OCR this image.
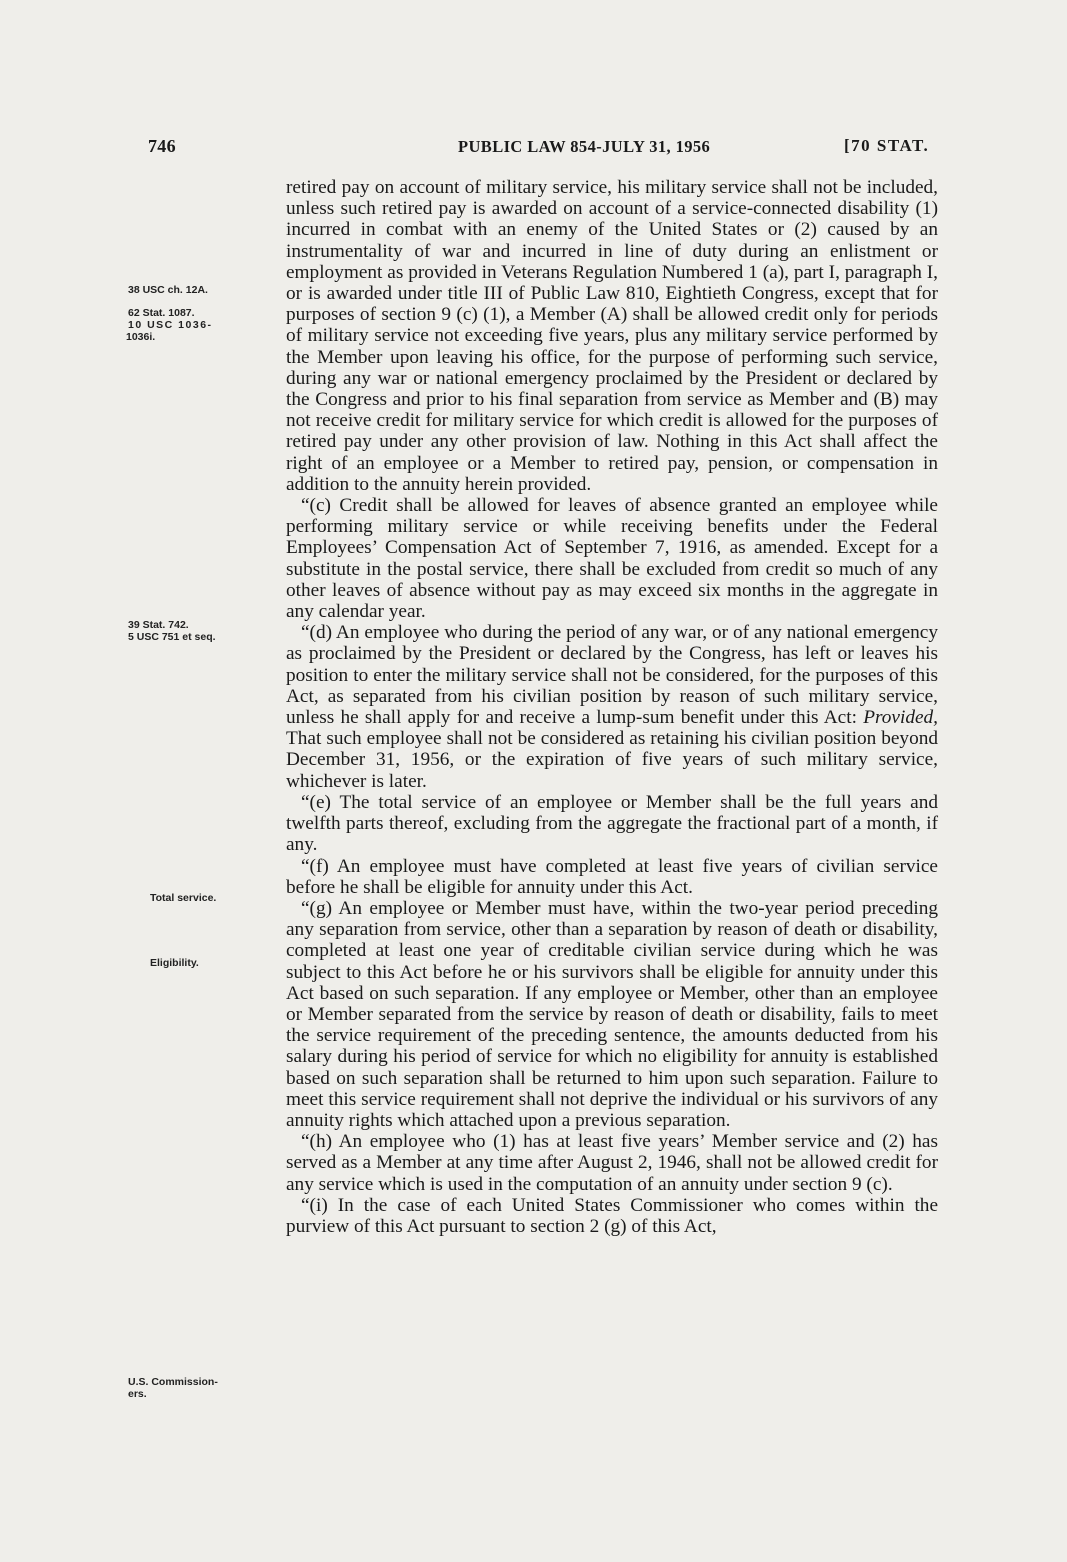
746	PUBLIC LAW 854-JULY 31, 1956	[70 STAT.
38 USC ch. 12A.
62 Stat. 1087.
10 USC 1036-
1036i.
39 Stat. 742.
5 USC 751 et seq.
Total service.
Eligibility.
U.S. Commission-
ers.

retired pay on account of military service, his military service shall not be included, unless such retired pay is awarded on account of a service-connected disability (1) incurred in combat with an enemy of the United States or (2) caused by an instrumentality of war and incurred in line of duty during an enlistment or employment as provided in Veterans Regulation Numbered 1 (a), part I, paragraph I, or is awarded under title III of Public Law 810, Eightieth Congress, except that for purposes of section 9 (c) (1), a Member (A) shall be allowed credit only for periods of military service not exceeding five years, plus any military service performed by the Member upon leaving his office, for the purpose of performing such service, during any war or national emergency proclaimed by the President or declared by the Congress and prior to his final separation from service as Member and (B) may not receive credit for military service for which credit is allowed for the purposes of retired pay under any other provision of law. Nothing in this Act shall affect the right of an employee or a Member to retired pay, pension, or compensation in addition to the annuity herein provided.

“(c) Credit shall be allowed for leaves of absence granted an employee while performing military service or while receiving benefits under the Federal Employees’ Compensation Act of September 7, 1916, as amended. Except for a substitute in the postal service, there shall be excluded from credit so much of any other leaves of absence without pay as may exceed six months in the aggregate in any calendar year.

“(d) An employee who during the period of any war, or of any national emergency as proclaimed by the President or declared by the Congress, has left or leaves his position to enter the military service shall not be considered, for the purposes of this Act, as separated from his civilian position by reason of such military service, unless he shall apply for and receive a lump-sum benefit under this Act: Provided, That such employee shall not be considered as retaining his civilian position beyond December 31, 1956, or the expiration of five years of such military service, whichever is later.

“(e) The total service of an employee or Member shall be the full years and twelfth parts thereof, excluding from the aggregate the fractional part of a month, if any.

“(f) An employee must have completed at least five years of civilian service before he shall be eligible for annuity under this Act.

“(g) An employee or Member must have, within the two-year period preceding any separation from service, other than a separation by reason of death or disability, completed at least one year of creditable civilian service during which he was subject to this Act before he or his survivors shall be eligible for annuity under this Act based on such separation. If any employee or Member, other than an employee or Member separated from the service by reason of death or disability, fails to meet the service requirement of the preceding sentence, the amounts deducted from his salary during his period of service for which no eligibility for annuity is established based on such separation shall be returned to him upon such separation. Failure to meet this service requirement shall not deprive the individual or his survivors of any annuity rights which attached upon a previous separation.

“(h) An employee who (1) has at least five years’ Member service and (2) has served as a Member at any time after August 2, 1946, shall not be allowed credit for any service which is used in the computation of an annuity under section 9 (c).

“(i) In the case of each United States Commissioner who comes within the purview of this Act pursuant to section 2 (g) of this Act,
